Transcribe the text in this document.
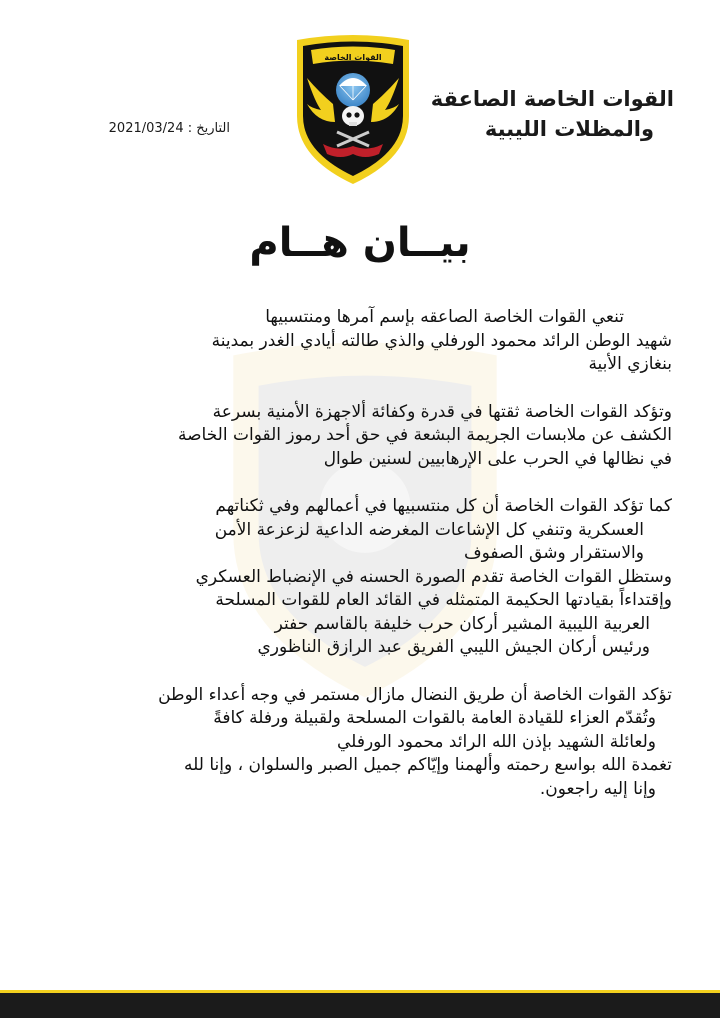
القوات الخاصة الصاعقة
والمظلات الليبية
التاريخ : 2021/03/24
القوات الخاصة
بيــان هــام
تنعي القوات الخاصة الصاعقه بإسم آمرها ومنتسبيها
شهيد الوطن الرائد محمود الورفلي والذي طالته أيادي الغدر بمدينة
بنغازي الأبية
وتؤكد القوات الخاصة ثقتها في قدرة وكفائة ألاجهزة الأمنية بسرعة
الكشف عن ملابسات الجريمة البشعة في حق أحد رموز القوات الخاصة
في نظالها في الحرب على الإرهابيين لسنين طوال
كما تؤكد القوات الخاصة أن كل منتسبيها في أعمالهم وفي ثكناتهم
العسكرية وتنفي كل الإشاعات المغرضه الداعية لزعزعة الأمن
والاستقرار وشق الصفوف
وستظل القوات الخاصة تقدم الصورة الحسنه في الإنضباط العسكري
وإقتداءاً بقيادتها الحكيمة المتمثله في القائد العام للقوات المسلحة
العربية الليبية المشير أركان حرب خليفة بالقاسم حفتر
ورئيس أركان الجيش الليبي الفريق عبد الرازق الناظوري
تؤكد القوات الخاصة أن طريق النضال مازال مستمر في وجه أعداء الوطن
وتُقدّم العزاء للقيادة العامة بالقوات المسلحة ولقبيلة ورفلة كافةً
ولعائلة الشهيد بإذن الله الرائد محمود الورفلي
تغمدة الله بواسع رحمته وألهمنا وإيّاكم جميل الصبر والسلوان ، وإنا لله
وإنا إليه راجعون.
